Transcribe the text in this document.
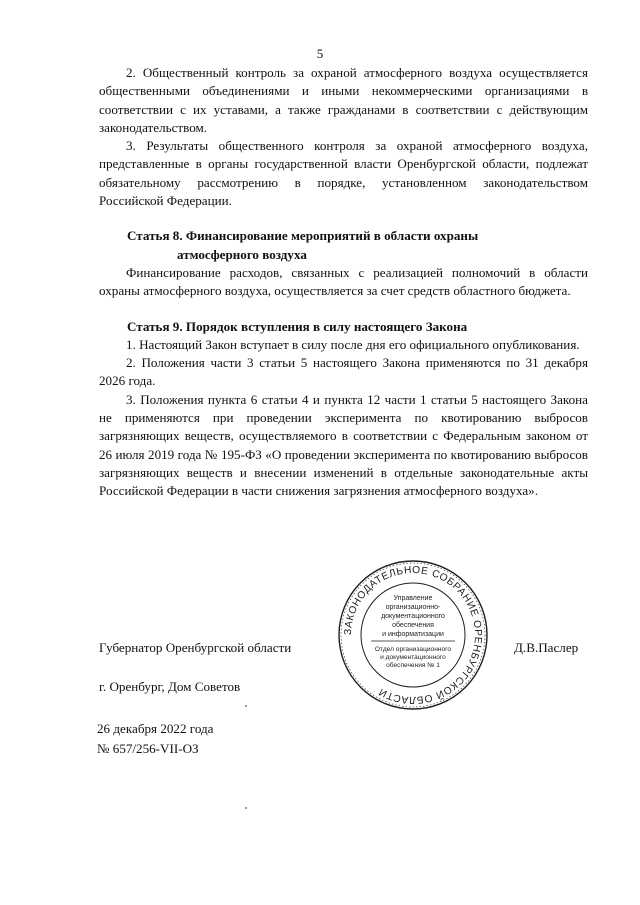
5

2. Общественный контроль за охраной атмосферного воздуха осуществляется общественными объединениями и иными некоммерческими организациями в соответствии с их уставами, а также гражданами в соответствии с действующим законодательством.

3. Результаты общественного контроля за охраной атмосферного воздуха, представленные в органы государственной власти Оренбургской области, подлежат обязательному рассмотрению в порядке, установленном законодательством Российской Федерации.

Статья 8. Финансирование мероприятий в области охраны
атмосферного воздуха

Финансирование расходов, связанных с реализацией полномочий в области охраны атмосферного воздуха, осуществляется за счет средств областного бюджета.

Статья 9. Порядок вступления в силу настоящего Закона

1. Настоящий Закон вступает в силу после дня его официального опубликования.

2. Положения части 3 статьи 5 настоящего Закона применяются по 31 декабря 2026 года.

3. Положения пункта 6 статьи 4 и пункта 12 части 1 статьи 5 настоящего Закона не применяются при проведении эксперимента по квотированию выбросов загрязняющих веществ, осуществляемого в соответствии с Федеральным законом от 26 июля 2019 года № 195-ФЗ «О проведении эксперимента по квотированию выбросов загрязняющих веществ и внесении изменений в отдельные законодательные акты Российской Федерации в части снижения загрязнения атмосферного воздуха».

ЗАКОНОДАТЕЛЬНОЕ СОБРАНИЕ ОРЕНБУРГСКОЙ ОБЛАСТИ
Управление
организационно-
документационного
обеспечения
и информатизации
Отдел организационного
и документационного
обеспечения № 1
Губернатор Оренбургской области	Д.В.Паслер
г. Оренбург, Дом Советов
26 декабря 2022 года
№ 657/256-VII-ОЗ
